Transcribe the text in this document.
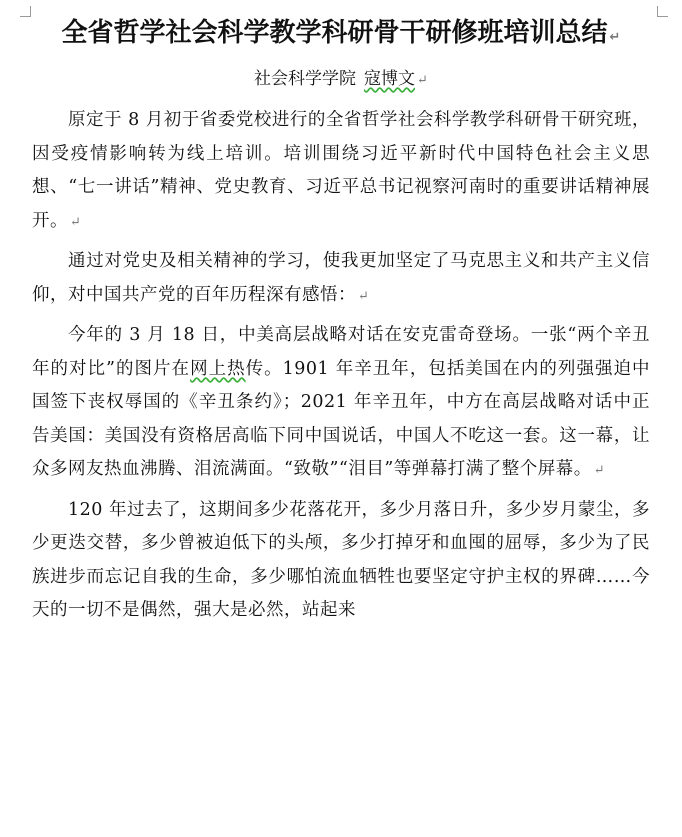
全省哲学社会科学教学科研骨干研修班培训总结 ↵
社会科学学院 寇博文 ↵

原定于 8 月初于省委党校进行的全省哲学社会科学教学科研骨干研究班，因受疫情影响转为线上培训。培训围绕习近平新时代中国特色社会主义思想、“七一讲话”精神、党史教育、习近平总书记视察河南时的重要讲话精神展开。 ↵

通过对党史及相关精神的学习，使我更加坚定了马克思主义和共产主义信仰，对中国共产党的百年历程深有感悟： ↵

今年的 3 月 18 日，中美高层战略对话在安克雷奇登场。一张“两个辛丑年的对比”的图片在网上热传。1901 年辛丑年，包括美国在内的列强强迫中国签下丧权辱国的《辛丑条约》；2021 年辛丑年，中方在高层战略对话中正告美国：美国没有资格居高临下同中国说话，中国人不吃这一套。这一幕，让众多网友热血沸腾、泪流满面。“致敬”“泪目”等弹幕打满了整个屏幕。 ↵

120 年过去了，这期间多少花落花开，多少月落日升，多少岁月蒙尘，多少更迭交替，多少曾被迫低下的头颅，多少打掉牙和血囤的屈辱，多少为了民族进步而忘记自我的生命，多少哪怕流血牺牲也要坚定守护主权的界碑……今天的一切不是偶然，强大是必然，站起来
